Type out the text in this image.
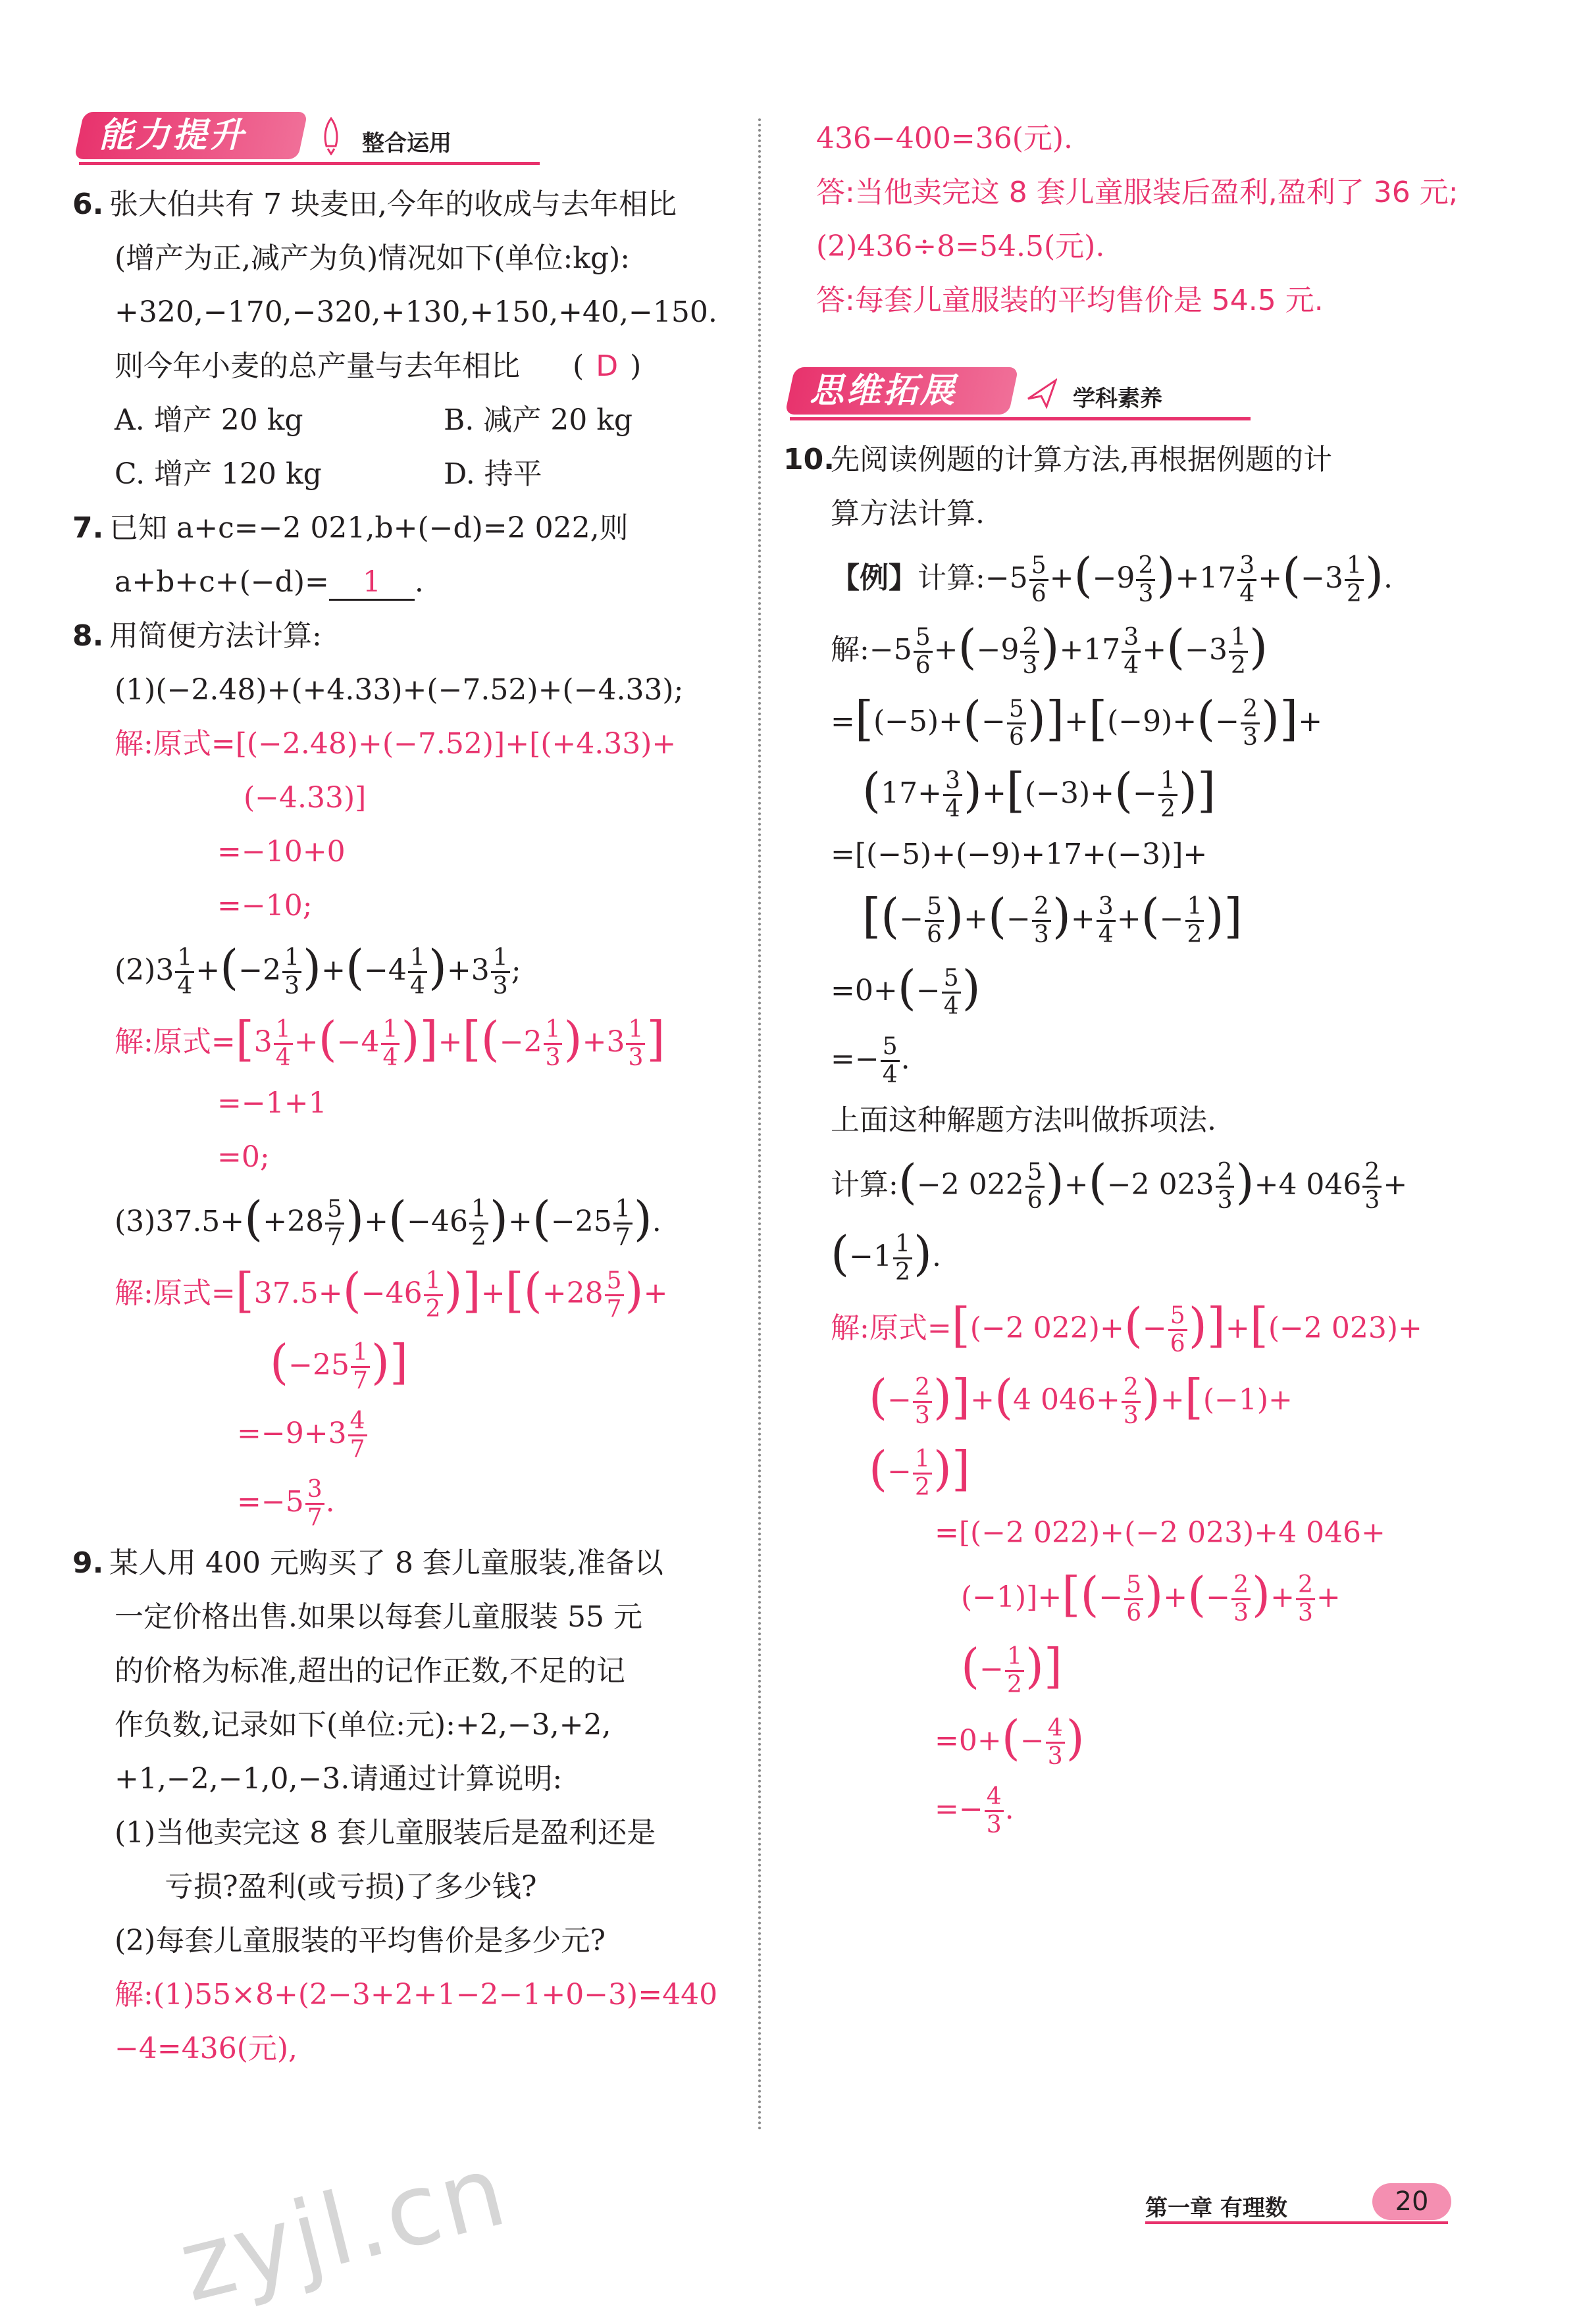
能力提升	整合运用
6. 张大伯共有 7 块麦田,今年的收成与去年相比
(增产为正,减产为负)情况如下(单位:kg):
+320,−170,−320,+130,+150,+40,−150.
则今年小麦的总产量与去年相比 ( D )
A. 增产 20 kg	B. 减产 20 kg
C. 增产 120 kg	D. 持平
7. 已知 a+c=−2 021,b+(−d)=2 022,则
a+b+c+(−d)= 1 .
8. 用简便方法计算:
(1)(−2.48)+(+4.33)+(−7.52)+(−4.33);
解:原式=[(−2.48)+(−7.52)]+[(+4.33)+
(−4.33)]
=−10+0
=−10;
$(2)3 \frac{1}{4} +(-2 \frac{1}{3} )+(-4 \frac{1}{4} )+3 \frac{1}{3}$ ;
解:原式$=[3 \frac{1}{4} +(-4 \frac{1}{4} )]+[(-2 \frac{1}{3} )+3 \frac{1}{3}$ ]
=−1+1
=0;
$(3)37.5+(+28 \frac{5}{7} )+(-46 \frac{1}{2} )+(-25 \frac{1}{7}$ ).
解:原式$=[37.5+(-46 \frac{1}{2} )]+[(+28 \frac{5}{7}$ )+
($-25 \frac{1}{7}$ )]
$=-9+3 \frac{4}{7}$
$=-5 \frac{3}{7}$ .
9. 某人用 400 元购买了 8 套儿童服装,准备以
一定价格出售.如果以每套儿童服装 55 元
的价格为标准,超出的记作正数,不足的记
作负数,记录如下(单位:元):+2,−3,+2,
+1,−2,−1,0,−3.请通过计算说明:
(1)当他卖完这 8 套儿童服装后是盈利还是
亏损?盈利(或亏损)了多少钱?
(2)每套儿童服装的平均售价是多少元?
解:(1)55×8+(2−3+2+1−2−1+0−3)=440
−4=436(元),
436−400=36(元).
答:当他卖完这 8 套儿童服装后盈利,盈利了 36 元;
(2)436÷8=54.5(元).
答:每套儿童服装的平均售价是 54.5 元.
思维拓展	学科素养
10.先阅读例题的计算方法,再根据例题的计
算方法计算.
【例】计算:−5 $\frac{5}{6} +(-9 \frac{2}{3} )+17 \frac{3}{4} +(-3 \frac{1}{2}$ ).
解:−5 $\frac{5}{6} +(-9 \frac{2}{3} )+17 \frac{3}{4} +(-3 \frac{1}{2}$ )
$=[(-5)+(- \frac{5}{6} )]+[(-9)+(- \frac{2}{3}$ )]+
$(17+ \frac{3}{4} )+[(-3)+(- \frac{1}{2}$ )]
=[(−5)+(−9)+17+(−3)]+
[(− $\frac{5}{6}$ )+(− $\frac{2}{3}$ )+ $\frac{3}{4}$ +(− $\frac{1}{2}$ )]
$=0+(- \frac{5}{4}$ )
=− $\frac{5}{4}$ .
上面这种解题方法叫做拆项法.
计算:(−2 $022 \frac{5}{6} )+(-2$ $023 \frac{2}{3} )+4$ $046 \frac{2}{3}$ +
($-1 \frac{1}{2}$ ).
解:原式=[(−2 $022)+(- \frac{5}{6} )]+[(-2$ 023)+
(− $\frac{2}{3} )]+(4$ $046+ \frac{2}{3} )+[(-1)+$
(− $\frac{1}{2}$ )]
=[(−2 022)+(−2 023)+4 046+
$(-1)]+[(- \frac{5}{6}$ )+(− $\frac{2}{3}$ )+ $\frac{2}{3}$ +
(− $\frac{1}{2}$ )]
$=0+(- \frac{4}{3}$ )
=− $\frac{4}{3}$ .
zyjl.cn	第一章 有理数	20
